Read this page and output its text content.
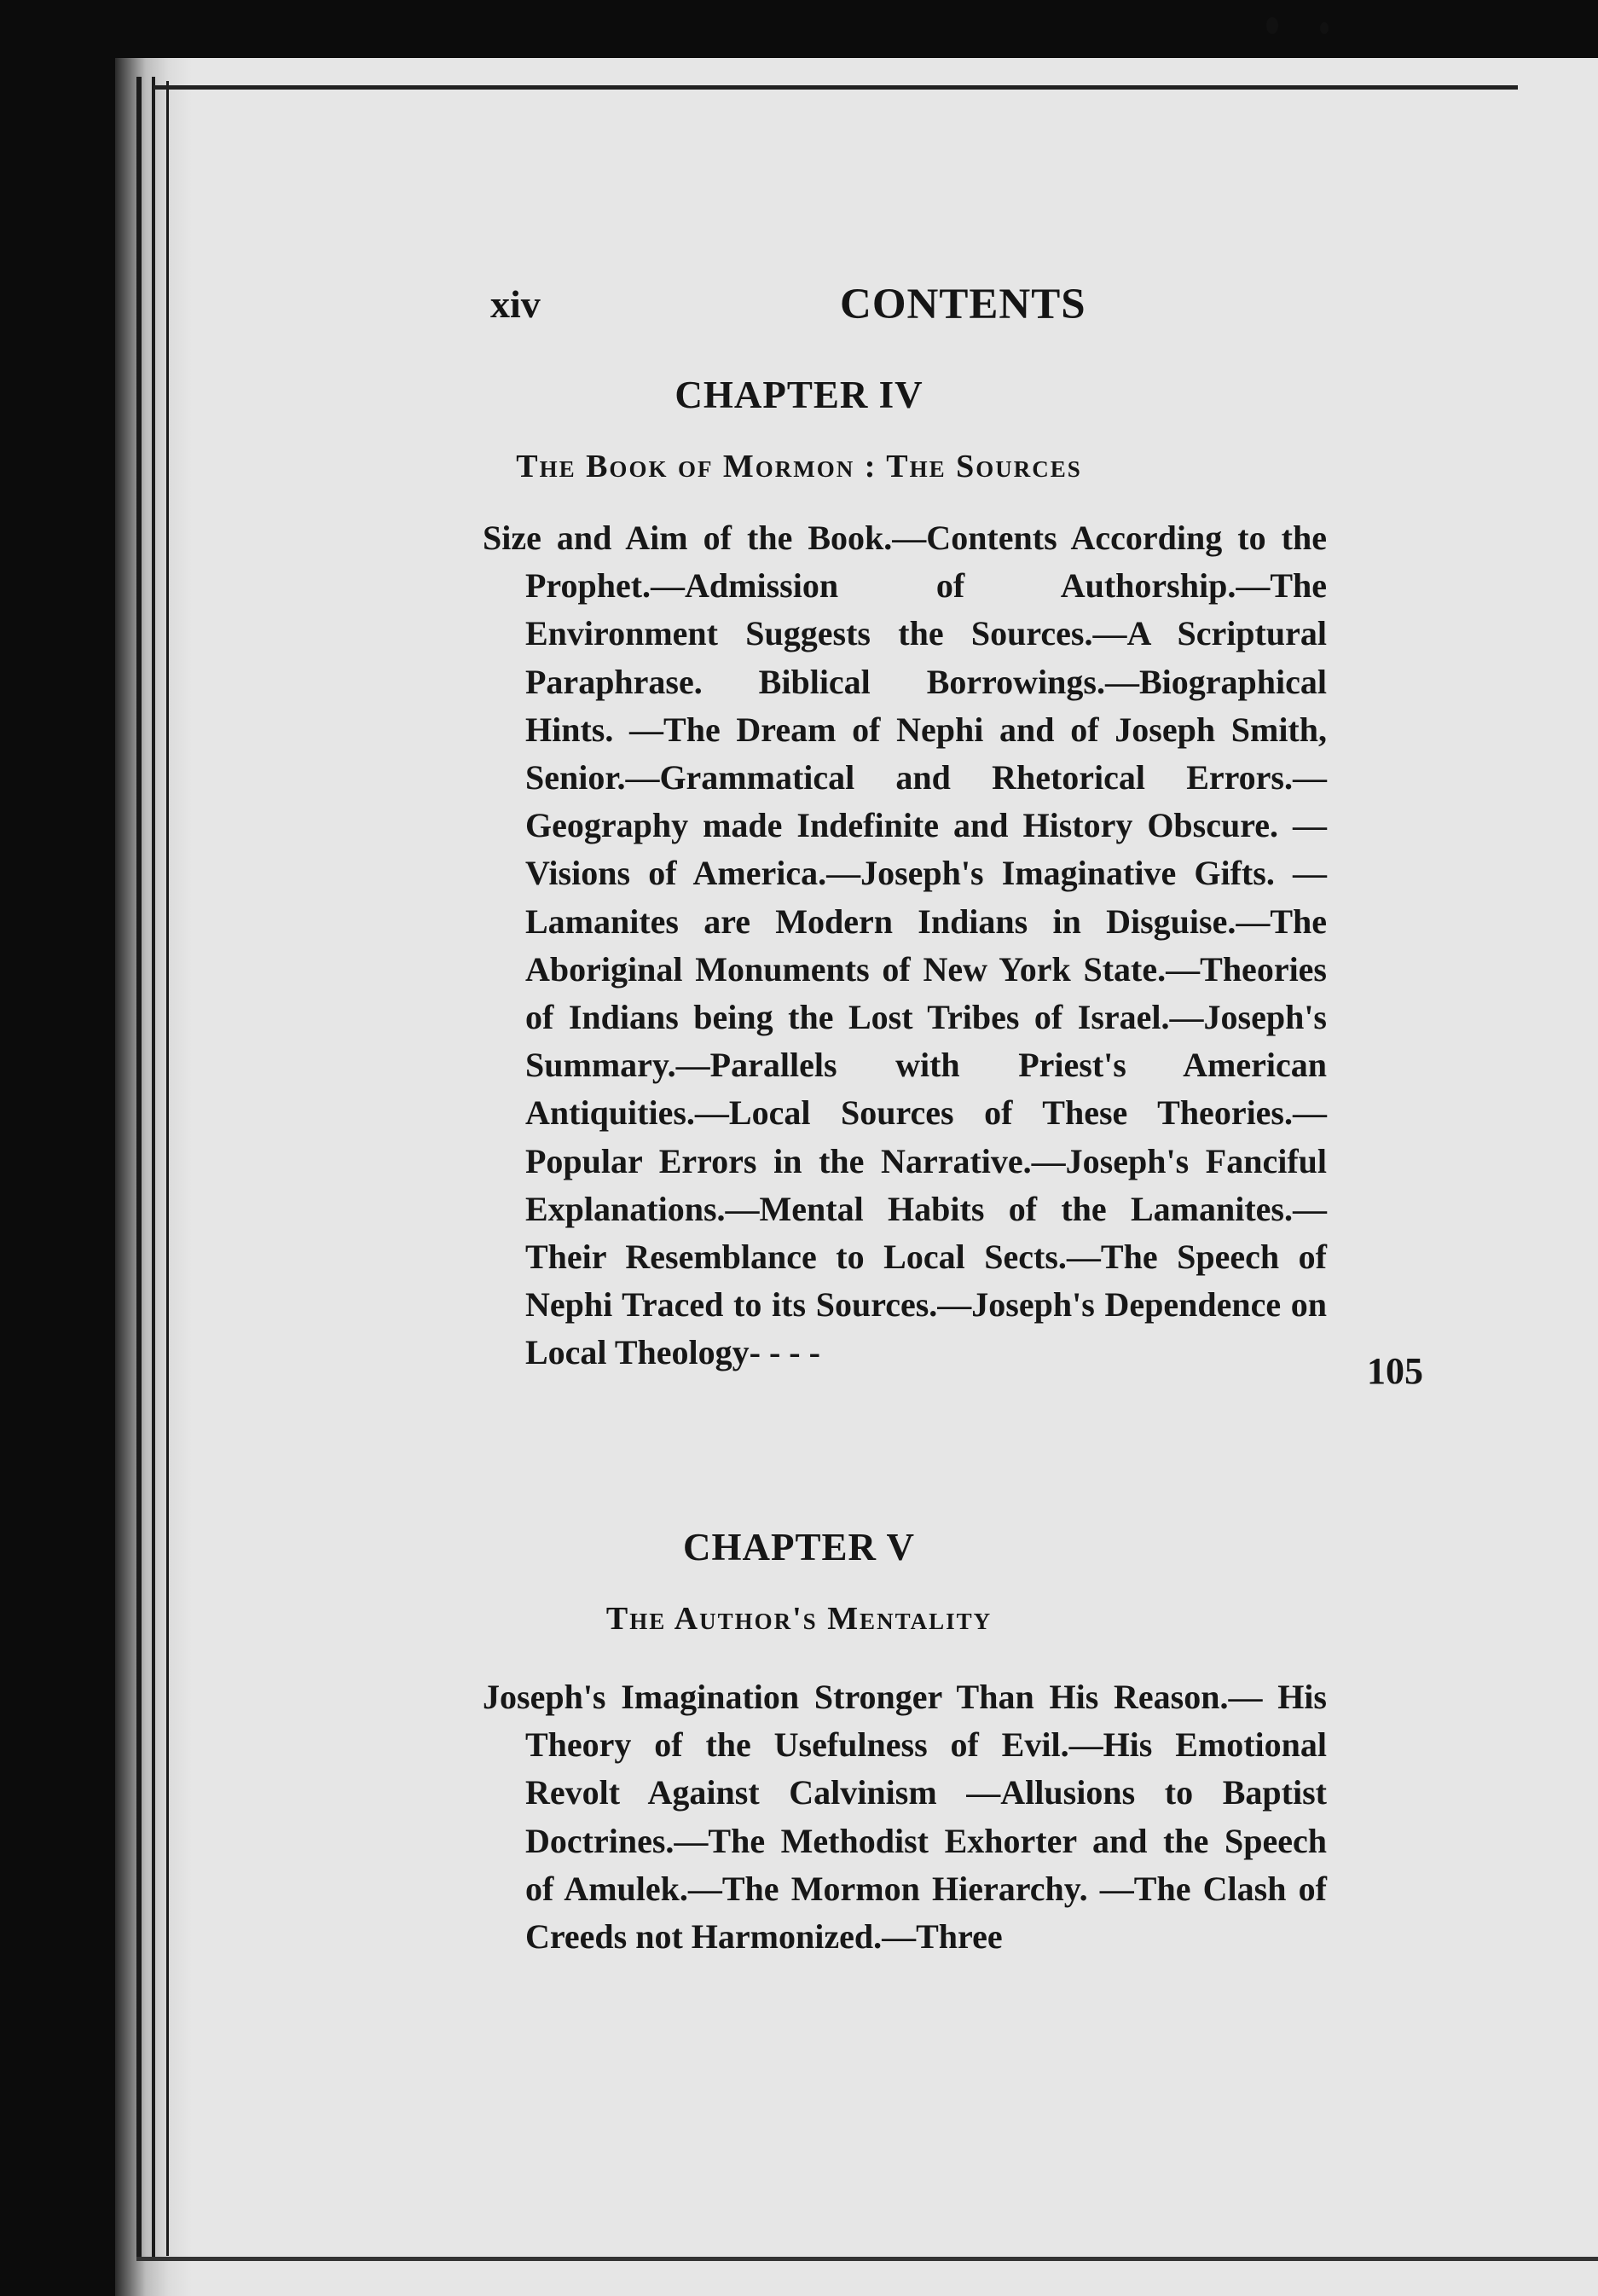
xiv	CONTENTS
CHAPTER IV
The Book of Mormon : The Sources
Size and Aim of the Book.—Contents According to the Prophet.—Admission of Authorship.—The Environment Suggests the Sources.—A Scriptural Paraphrase. Biblical Borrowings.—Biographical Hints. —The Dream of Nephi and of Joseph Smith, Senior.—Grammatical and Rhetorical Errors.— Geography made Indefinite and History Obscure. —Visions of America.—Joseph's Imaginative Gifts. —Lamanites are Modern Indians in Disguise.—The Aboriginal Monuments of New York State.—Theories of Indians being the Lost Tribes of Israel.—Joseph's Summary.—Parallels with Priest's American Antiquities.—Local Sources of These Theories.— Popular Errors in the Narrative.—Joseph's Fanciful Explanations.—Mental Habits of the Lamanites.— Their Resemblance to Local Sects.—The Speech of Nephi Traced to its Sources.—Joseph's Dependence on Local Theology- - - -	105
CHAPTER V
The Author's Mentality
Joseph's Imagination Stronger Than His Reason.— His Theory of the Usefulness of Evil.—His Emotional Revolt Against Calvinism —Allusions to Baptist Doctrines.—The Methodist Exhorter and the Speech of Amulek.—The Mormon Hierarchy. —The Clash of Creeds not Harmonized.—Three
